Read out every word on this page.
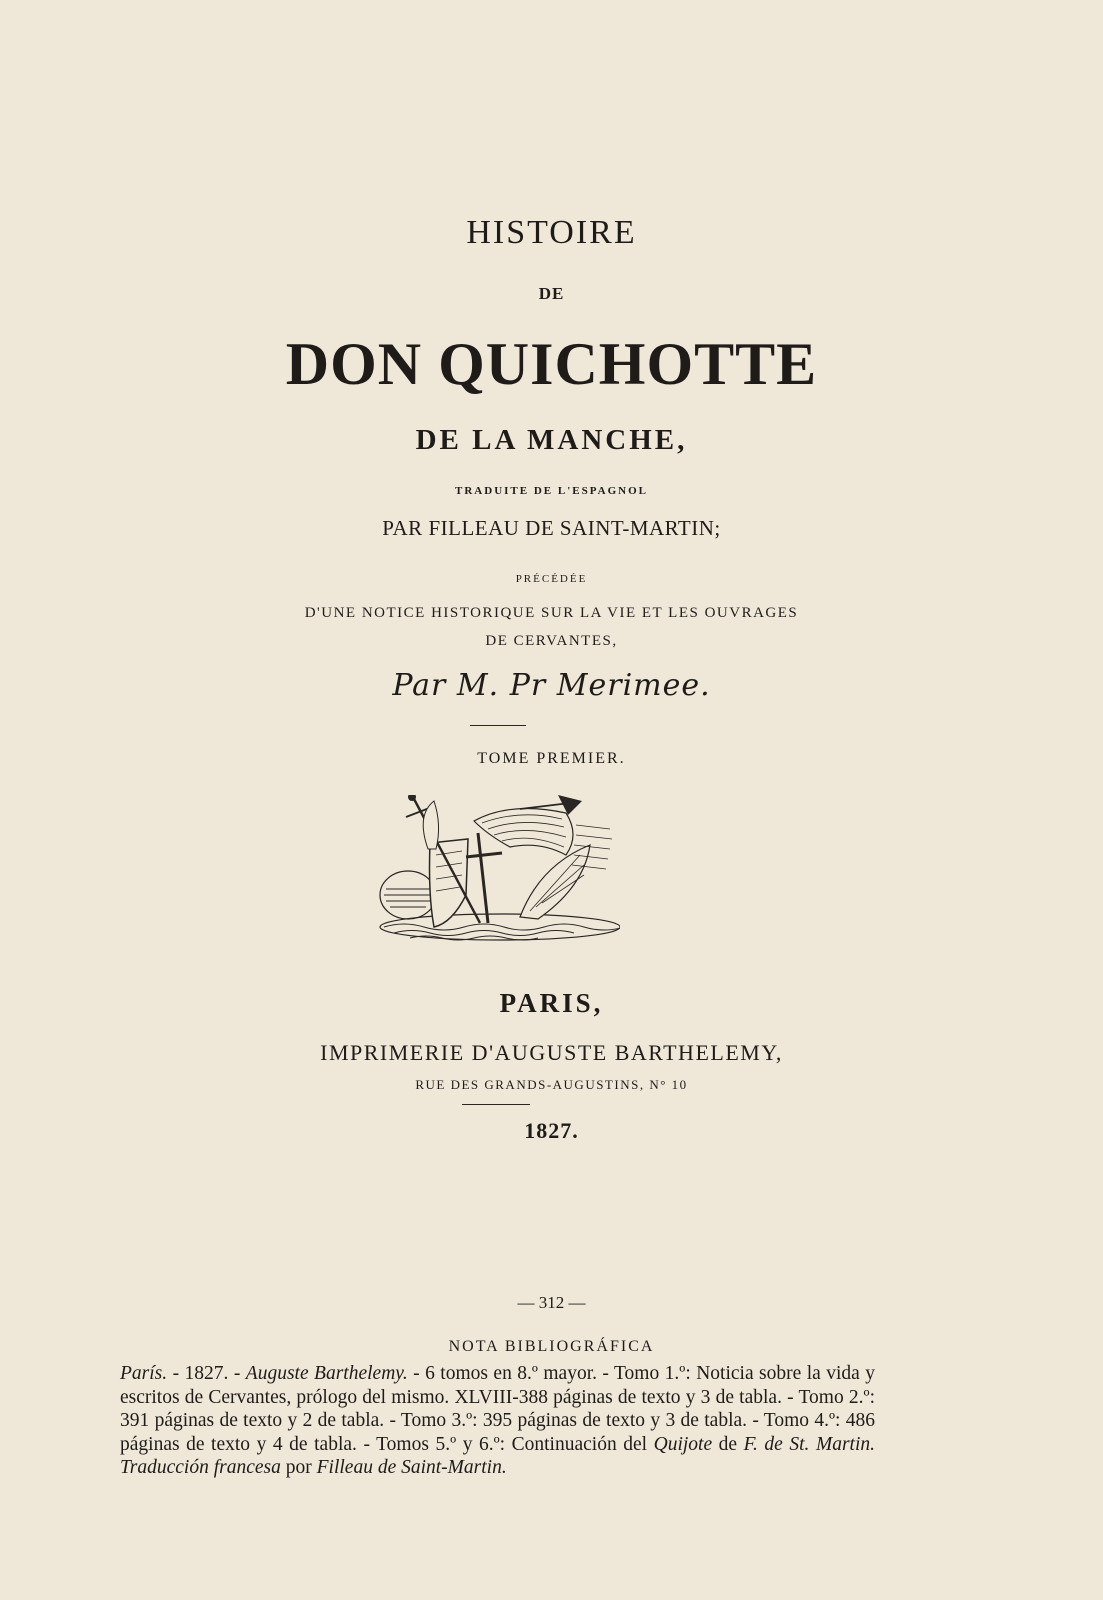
HISTOIRE
DE
DON QUICHOTTE
DE LA MANCHE,
TRADUITE DE L'ESPAGNOL
PAR FILLEAU DE SAINT-MARTIN;
PRÉCÉDÉE
D'UNE NOTICE HISTORIQUE SUR LA VIE ET LES OUVRAGES
DE CERVANTES,
Par M. Pr Merimee.
TOME PREMIER.
PARIS,
IMPRIMERIE D'AUGUSTE BARTHELEMY,
RUE DES GRANDS-AUGUSTINS, N° 10
1827.
— 312 —
NOTA BIBLIOGRÁFICA

París. - 1827. - Auguste Barthelemy. - 6 tomos en 8.º mayor. - Tomo 1.º: Noticia sobre la vida y escritos de Cervantes, prólogo del mismo. XLVIII-388 páginas de texto y 3 de tabla. - Tomo 2.º: 391 páginas de texto y 2 de tabla. - Tomo 3.º: 395 páginas de texto y 3 de tabla. - Tomo 4.º: 486 páginas de texto y 4 de tabla. - Tomos 5.º y 6.º: Continuación del Quijote de F. de St. Martin. Traducción francesa por Filleau de Saint-Martin.
